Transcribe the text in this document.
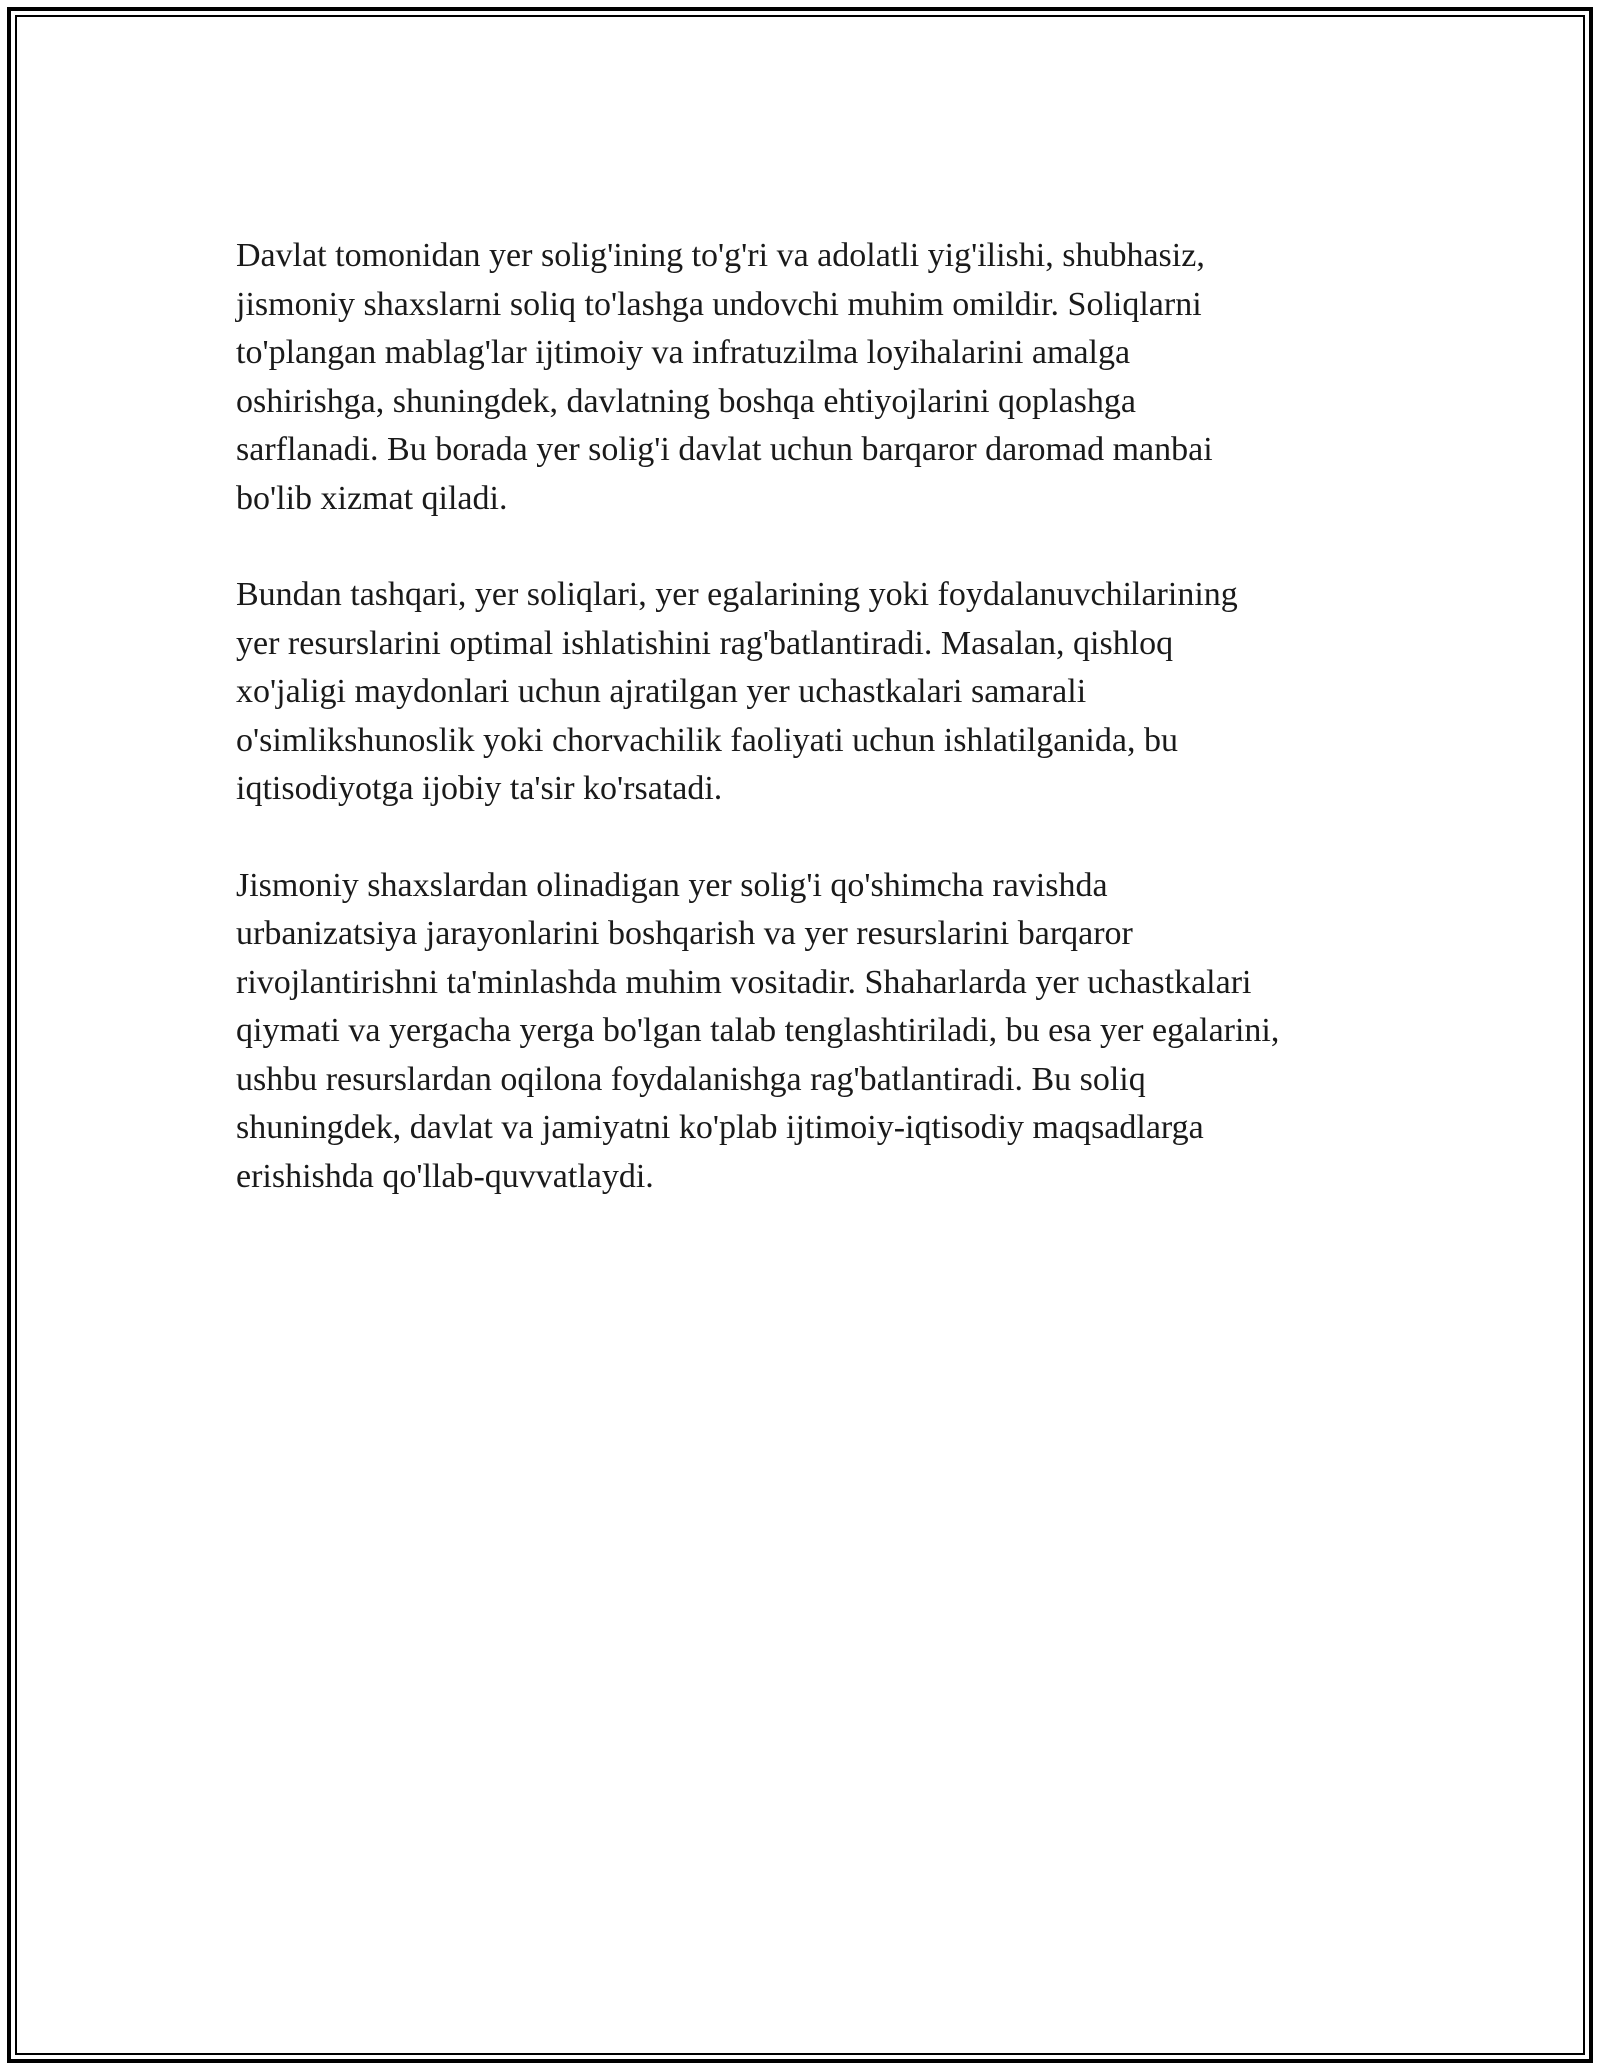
Davlat tomonidan yer solig'ining to'g'ri va adolatli yig'ilishi, shubhasiz,
jismoniy shaxslarni soliq to'lashga undovchi muhim omildir. Soliqlarni
to'plangan mablag'lar ijtimoiy va infratuzilma loyihalarini amalga
oshirishga, shuningdek, davlatning boshqa ehtiyojlarini qoplashga
sarflanadi. Bu borada yer solig'i davlat uchun barqaror daromad manbai
bo'lib xizmat qiladi.

Bundan tashqari, yer soliqlari, yer egalarining yoki foydalanuvchilarining
yer resurslarini optimal ishlatishini rag'batlantiradi. Masalan, qishloq
xo'jaligi maydonlari uchun ajratilgan yer uchastkalari samarali
o'simlikshunoslik yoki chorvachilik faoliyati uchun ishlatilganida, bu
iqtisodiyotga ijobiy ta'sir ko'rsatadi.

Jismoniy shaxslardan olinadigan yer solig'i qo'shimcha ravishda
urbanizatsiya jarayonlarini boshqarish va yer resurslarini barqaror
rivojlantirishni ta'minlashda muhim vositadir. Shaharlarda yer uchastkalari
qiymati va yergacha yerga bo'lgan talab tenglashtiriladi, bu esa yer egalarini,
ushbu resurslardan oqilona foydalanishga rag'batlantiradi. Bu soliq
shuningdek, davlat va jamiyatni ko'plab ijtimoiy-iqtisodiy maqsadlarga
erishishda qo'llab-quvvatlaydi.
